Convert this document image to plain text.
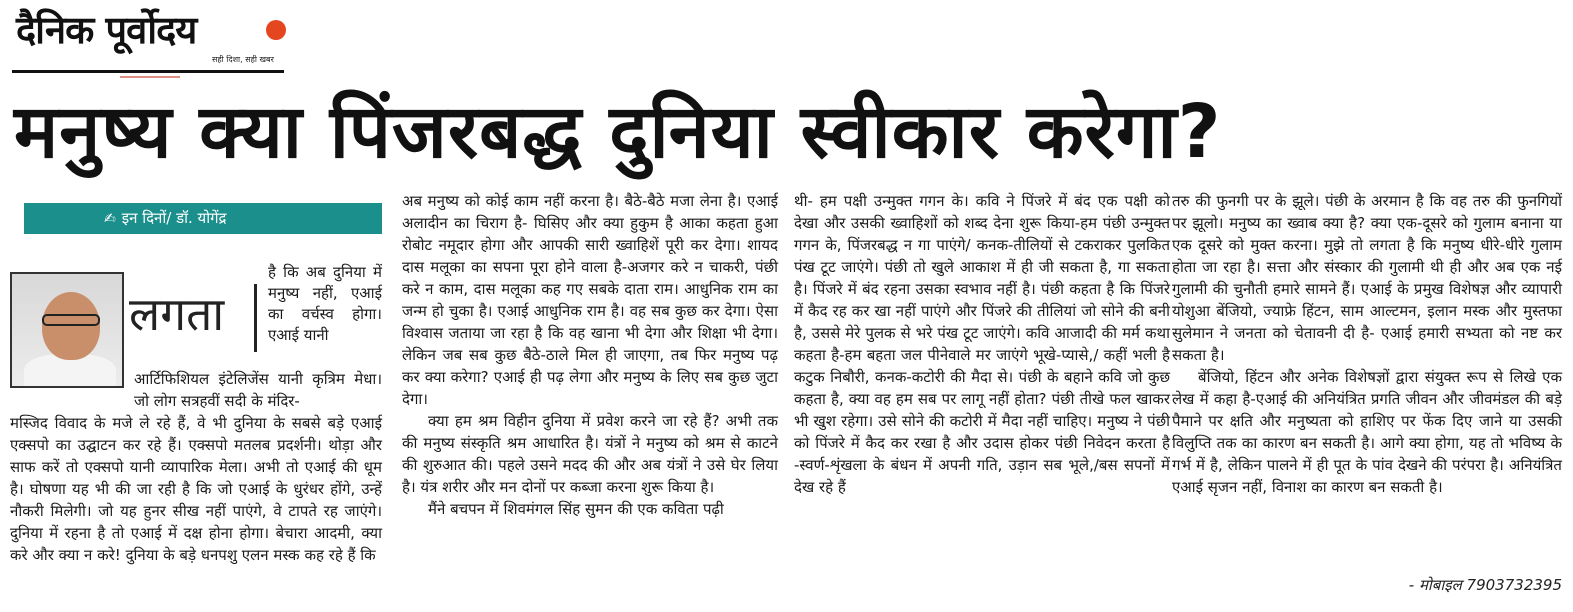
दैनिक पूर्वोदय
सही दिशा, सही खबर
मनुष्य क्या पिंजरबद्ध दुनिया स्वीकार करेगा?
✍ इन दिनों/ डॉ. योगेंद्र
लगता

है कि अब दुनिया में मनुष्य नहीं, एआई का वर्चस्व होगा। एआई यानी

आर्टिफिशियल इंटेलिजेंस यानी कृत्रिम मेधा। जो लोग सत्रहवीं सदी के मंदिर-

मस्जिद विवाद के मजे ले रहे हैं, वे भी दुनिया के सबसे बड़े एआई एक्सपो का उद्घाटन कर रहे हैं। एक्सपो मतलब प्रदर्शनी। थोड़ा और साफ करें तो एक्सपो यानी व्यापारिक मेला। अभी तो एआई की धूम है। घोषणा यह भी की जा रही है कि जो एआई के धुरंधर होंगे, उन्हें नौकरी मिलेगी। जो यह हुनर सीख नहीं पाएंगे, वे टापते रह जाएंगे। दुनिया में रहना है तो एआई में दक्ष होना होगा। बेचारा आदमी, क्या करे और क्या न करे! दुनिया के बड़े धनपशु एलन मस्क कह रहे हैं कि

अब मनुष्य को कोई काम नहीं करना है। बैठे-बैठे मजा लेना है। एआई अलादीन का चिराग है- घिसिए और क्या हुकुम है आका कहता हुआ रोबोट नमूदार होगा और आपकी सारी ख्वाहिशें पूरी कर देगा। शायद दास मलूका का सपना पूरा होने वाला है-अजगर करे न चाकरी, पंछी करे न काम, दास मलूका कह गए सबके दाता राम। आधुनिक राम का जन्म हो चुका है। एआई आधुनिक राम है। वह सब कुछ कर देगा। ऐसा विश्वास जताया जा रहा है कि वह खाना भी देगा और शिक्षा भी देगा। लेकिन जब सब कुछ बैठे-ठाले मिल ही जाएगा, तब फिर मनुष्य पढ़ कर क्या करेगा? एआई ही पढ़ लेगा और मनुष्य के लिए सब कुछ जुटा देगा।

क्या हम श्रम विहीन दुनिया में प्रवेश करने जा रहे हैं? अभी तक की मनुष्य संस्कृति श्रम आधारित है। यंत्रों ने मनुष्य को श्रम से काटने की शुरुआत की। पहले उसने मदद की और अब यंत्रों ने उसे घेर लिया है। यंत्र शरीर और मन दोनों पर कब्जा करना शुरू किया है।

मैंने बचपन में शिवमंगल सिंह सुमन की एक कविता पढ़ी

थी- हम पक्षी उन्मुक्त गगन के। कवि ने पिंजरे में बंद एक पक्षी को देखा और उसकी ख्वाहिशों को शब्द देना शुरू किया-हम पंछी उन्मुक्त गगन के, पिंजरबद्ध न गा पाएंगे/ कनक-तीलियों से टकराकर पुलकित पंख टूट जाएंगे। पंछी तो खुले आकाश में ही जी सकता है, गा सकता है। पिंजरे में बंद रहना उसका स्वभाव नहीं है। पंछी कहता है कि पिंजरे में कैद रह कर खा नहीं पाएंगे और पिंजरे की तीलियां जो सोने की बनी है, उससे मेरे पुलक से भरे पंख टूट जाएंगे। कवि आजादी की मर्म कथा कहता है-हम बहता जल पीनेवाले मर जाएंगे भूखे-प्यासे,/ कहीं भली है कटुक निबौरी, कनक-कटोरी की मैदा से। पंछी के बहाने कवि जो कुछ कहता है, क्या वह हम सब पर लागू नहीं होता? पंछी तीखे फल खाकर भी खुश रहेगा। उसे सोने की कटोरी में मैदा नहीं चाहिए। मनुष्य ने पंछी को पिंजरे में कैद कर रखा है और उदास होकर पंछी निवेदन करता है -स्वर्ण-शृंखला के बंधन में अपनी गति, उड़ान सब भूले,/बस सपनों में देख रहे हैं

तरु की फुनगी पर के झूले। पंछी के अरमान है कि वह तरु की फुनगियों पर झूलो। मनुष्य का ख्वाब क्या है? क्या एक-दूसरे को गुलाम बनाना या एक दूसरे को मुक्त करना। मुझे तो लगता है कि मनुष्य धीरे-धीरे गुलाम होता जा रहा है। सत्ता और संस्कार की गुलामी थी ही और अब एक नई गुलामी की चुनौती हमारे सामने हैं। एआई के प्रमुख विशेषज्ञ और व्यापारी योशुआ बेंजियो, ज्याफ्रे हिंटन, साम आल्टमन, इलान मस्क और मुस्तफा सुलेमान ने जनता को चेतावनी दी है- एआई हमारी सभ्यता को नष्ट कर सकता है।

बेंजियो, हिंटन और अनेक विशेषज्ञों द्वारा संयुक्त रूप से लिखे एक लेख में कहा है-एआई की अनियंत्रित प्रगति जीवन और जीवमंडल की बड़े पैमाने पर क्षति और मनुष्यता को हाशिए पर फेंक दिए जाने या उसकी विलुप्ति तक का कारण बन सकती है। आगे क्या होगा, यह तो भविष्य के गर्भ में है, लेकिन पालने में ही पूत के पांव देखने की परंपरा है। अनियंत्रित एआई सृजन नहीं, विनाश का कारण बन सकती है।

- मोबाइल 7903732395
